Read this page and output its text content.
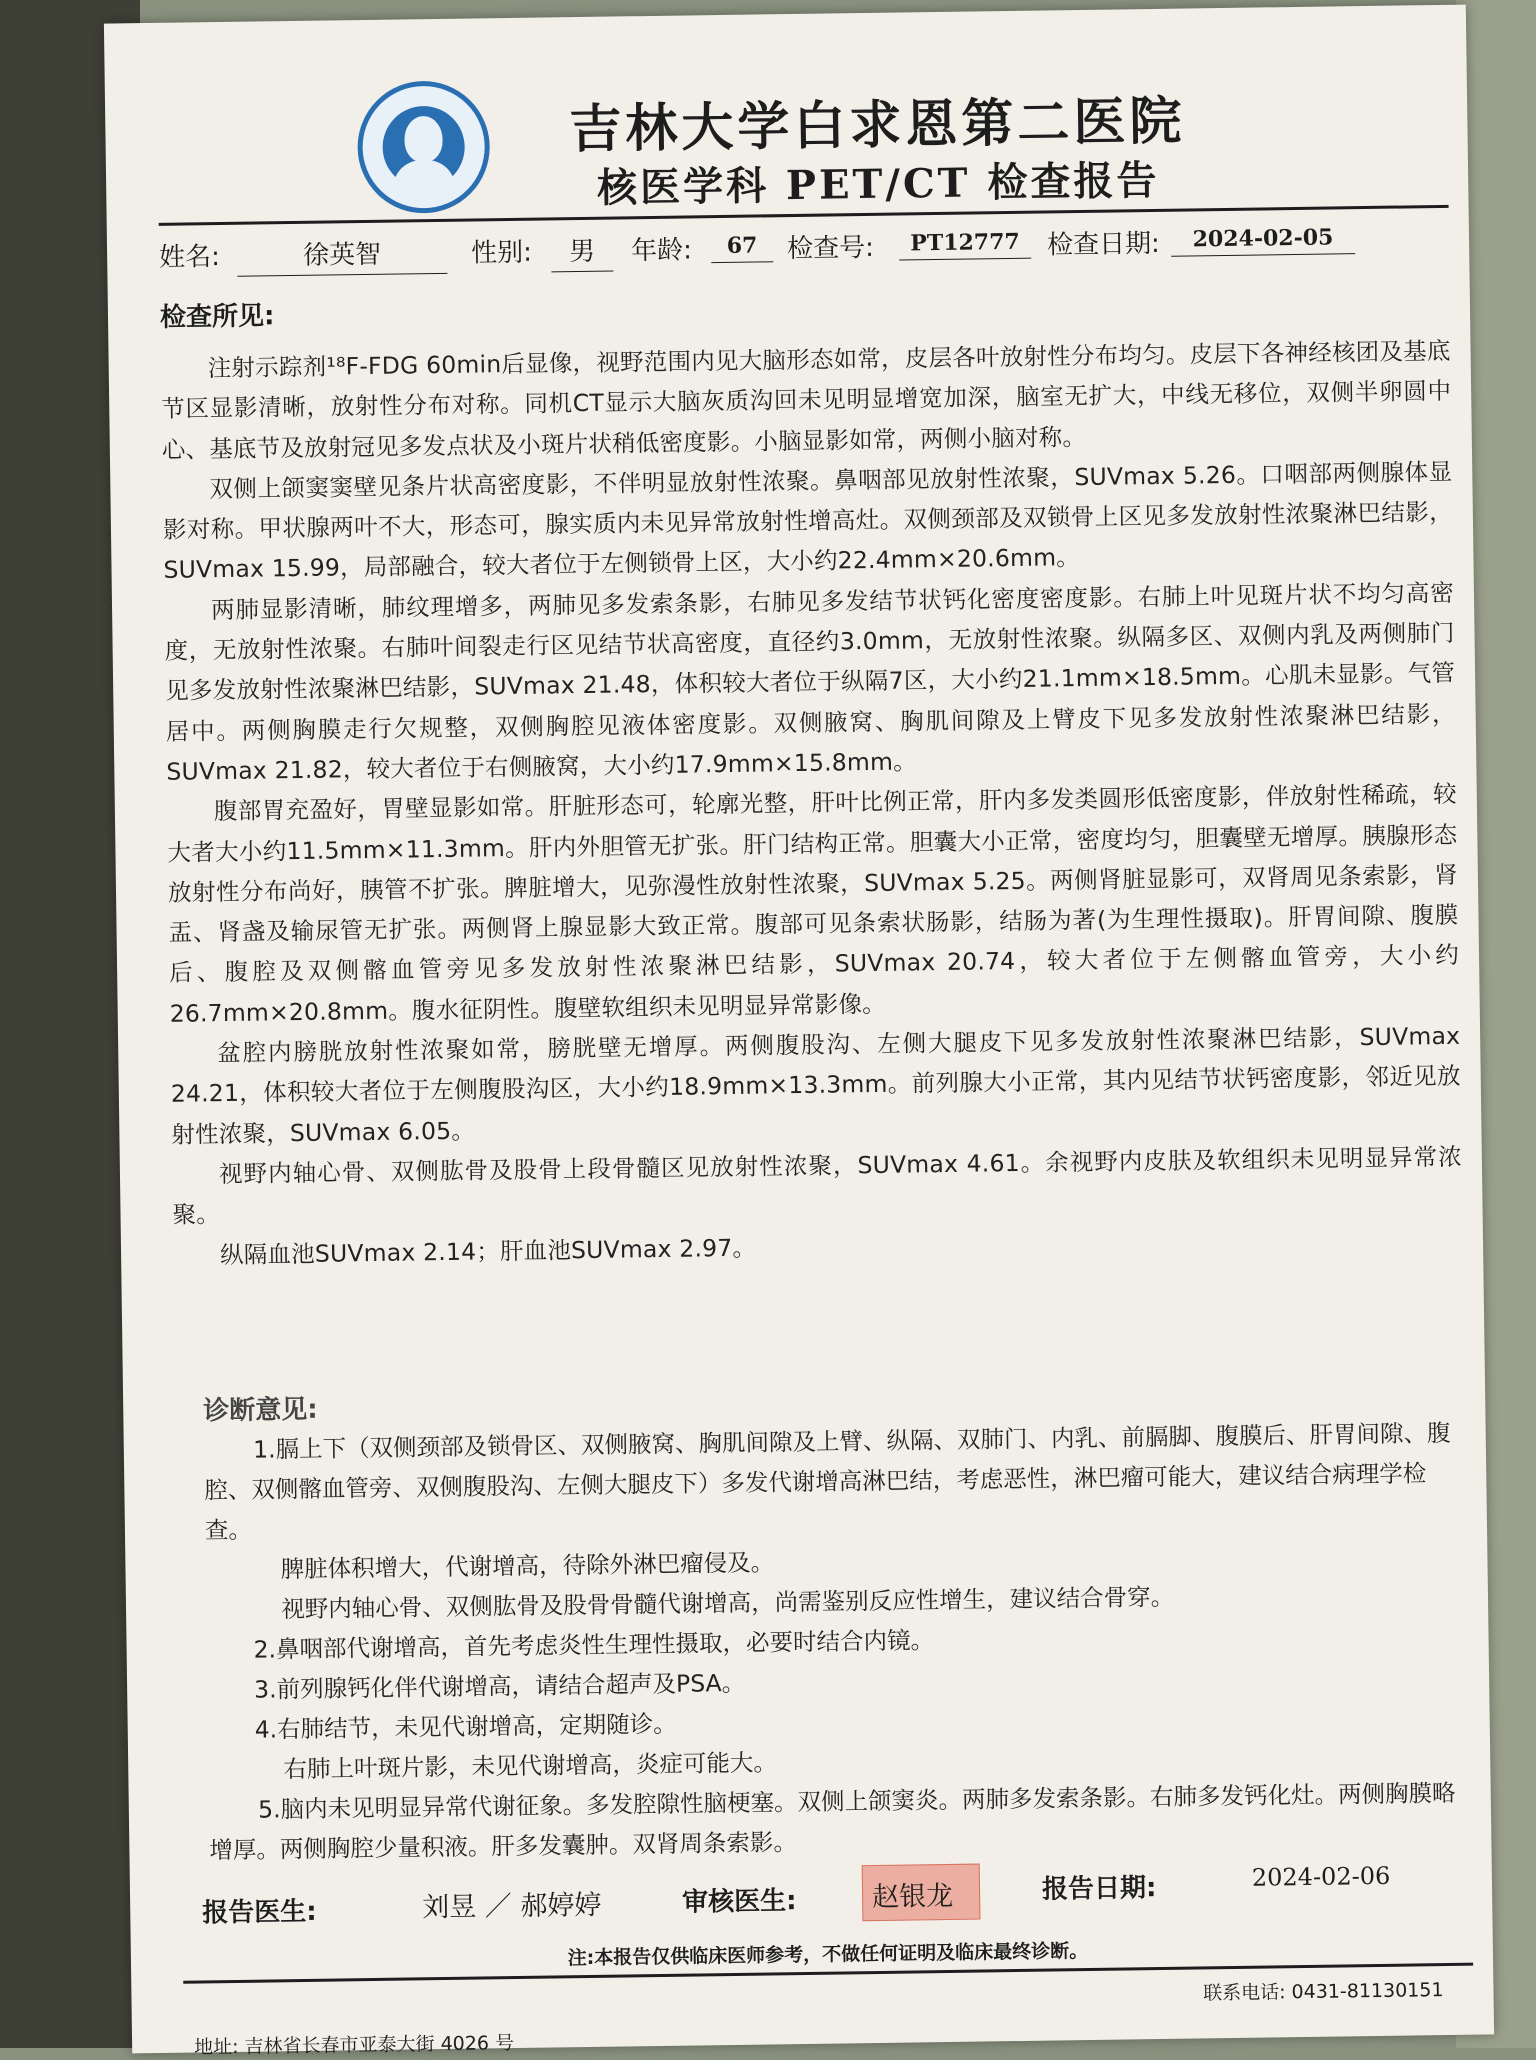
吉林大学白求恩第二医院
核医学科 PET/CT 检查报告
姓名:	徐英智	性别:	男	年龄:	67	检查号:	PT12777	检查日期:	2024-02-05
检查所见:

注射示踪剂¹⁸F-FDG 60min后显像，视野范围内见大脑形态如常，皮层各叶放射性分布均匀。皮层下各神经核团及基底节区显影清晰，放射性分布对称。同机CT显示大脑灰质沟回未见明显增宽加深，脑室无扩大，中线无移位，双侧半卵圆中心、基底节及放射冠见多发点状及小斑片状稍低密度影。小脑显影如常，两侧小脑对称。

双侧上颌窦窦壁见条片状高密度影，不伴明显放射性浓聚。鼻咽部见放射性浓聚，SUVmax 5.26。口咽部两侧腺体显影对称。甲状腺两叶不大，形态可，腺实质内未见异常放射性增高灶。双侧颈部及双锁骨上区见多发放射性浓聚淋巴结影，SUVmax 15.99，局部融合，较大者位于左侧锁骨上区，大小约22.4mm×20.6mm。

两肺显影清晰，肺纹理增多，两肺见多发索条影，右肺见多发结节状钙化密度密度影。右肺上叶见斑片状不均匀高密度，无放射性浓聚。右肺叶间裂走行区见结节状高密度，直径约3.0mm，无放射性浓聚。纵隔多区、双侧内乳及两侧肺门见多发放射性浓聚淋巴结影，SUVmax 21.48，体积较大者位于纵隔7区，大小约21.1mm×18.5mm。心肌未显影。气管居中。两侧胸膜走行欠规整，双侧胸腔见液体密度影。双侧腋窝、胸肌间隙及上臂皮下见多发放射性浓聚淋巴结影，SUVmax 21.82，较大者位于右侧腋窝，大小约17.9mm×15.8mm。

腹部胃充盈好，胃壁显影如常。肝脏形态可，轮廓光整，肝叶比例正常，肝内多发类圆形低密度影，伴放射性稀疏，较大者大小约11.5mm×11.3mm。肝内外胆管无扩张。肝门结构正常。胆囊大小正常，密度均匀，胆囊壁无增厚。胰腺形态放射性分布尚好，胰管不扩张。脾脏增大，见弥漫性放射性浓聚，SUVmax 5.25。两侧肾脏显影可，双肾周见条索影，肾盂、肾盏及输尿管无扩张。两侧肾上腺显影大致正常。腹部可见条索状肠影，结肠为著(为生理性摄取)。肝胃间隙、腹膜后、腹腔及双侧髂血管旁见多发放射性浓聚淋巴结影，SUVmax 20.74，较大者位于左侧髂血管旁，大小约26.7mm×20.8mm。腹水征阴性。腹壁软组织未见明显异常影像。

盆腔内膀胱放射性浓聚如常，膀胱壁无增厚。两侧腹股沟、左侧大腿皮下见多发放射性浓聚淋巴结影，SUVmax 24.21，体积较大者位于左侧腹股沟区，大小约18.9mm×13.3mm。前列腺大小正常，其内见结节状钙密度影，邻近见放射性浓聚，SUVmax 6.05。

视野内轴心骨、双侧肱骨及股骨上段骨髓区见放射性浓聚，SUVmax 4.61。余视野内皮肤及软组织未见明显异常浓聚。

纵隔血池SUVmax 2.14；肝血池SUVmax 2.97。

诊断意见:

1.膈上下（双侧颈部及锁骨区、双侧腋窝、胸肌间隙及上臂、纵隔、双肺门、内乳、前膈脚、腹膜后、肝胃间隙、腹腔、双侧髂血管旁、双侧腹股沟、左侧大腿皮下）多发代谢增高淋巴结，考虑恶性，淋巴瘤可能大，建议结合病理学检查。

脾脏体积增大，代谢增高，待除外淋巴瘤侵及。

视野内轴心骨、双侧肱骨及股骨骨髓代谢增高，尚需鉴别反应性增生，建议结合骨穿。

2.鼻咽部代谢增高，首先考虑炎性生理性摄取，必要时结合内镜。

3.前列腺钙化伴代谢增高，请结合超声及PSA。

4.右肺结节，未见代谢增高，定期随诊。

右肺上叶斑片影，未见代谢增高，炎症可能大。

5.脑内未见明显异常代谢征象。多发腔隙性脑梗塞。双侧上颌窦炎。两肺多发索条影。右肺多发钙化灶。两侧胸膜略增厚。两侧胸腔少量积液。肝多发囊肿。双肾周条索影。

报告医生:	刘昱 ／ 郝婷婷	审核医生:	赵银龙	报告日期:	2024-02-06
注:本报告仅供临床医师参考，不做任何证明及临床最终诊断。
联系电话: 0431-81130151
地址: 吉林省长春市亚泰大街 4026 号
